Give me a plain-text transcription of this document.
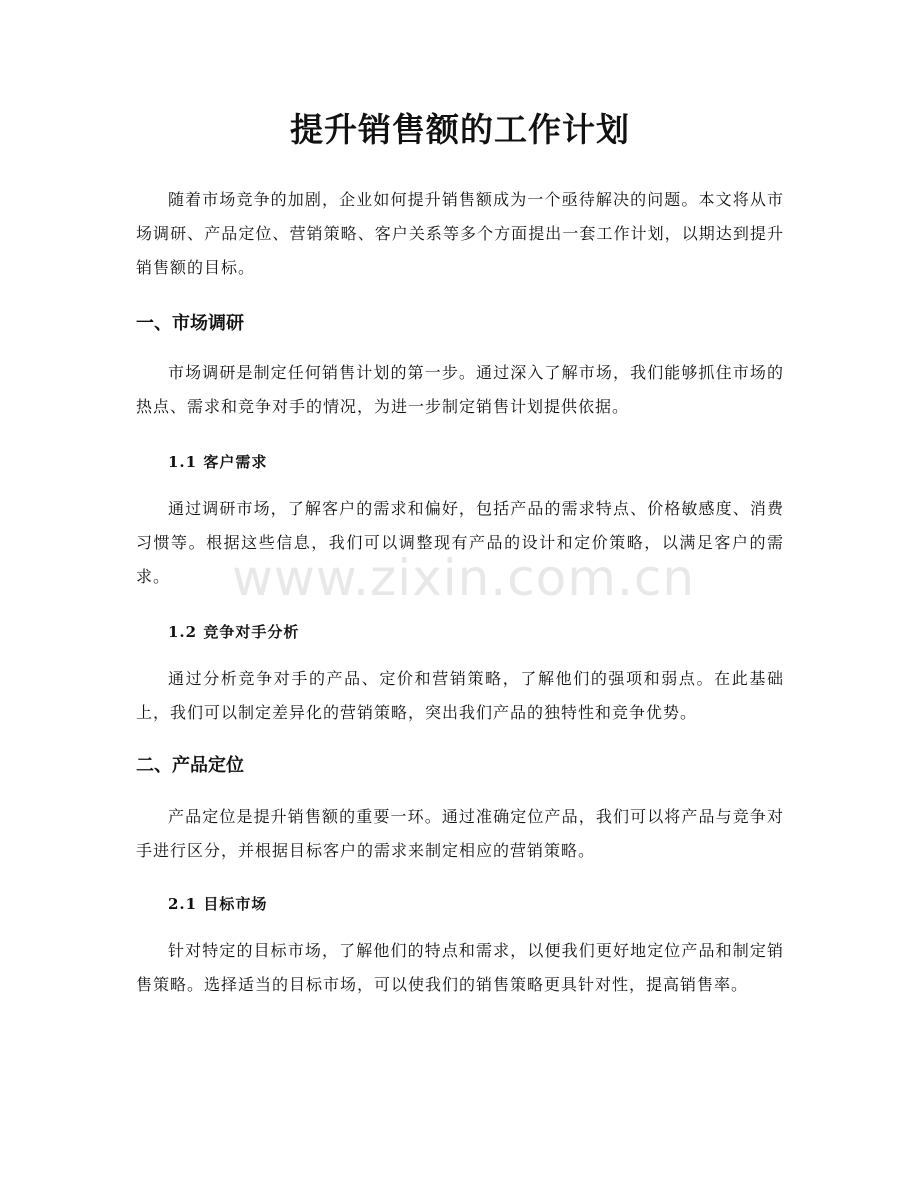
提升销售额的工作计划

随着市场竞争的加剧，企业如何提升销售额成为一个亟待解决的问题。本文将从市场调研、产品定位、营销策略、客户关系等多个方面提出一套工作计划，以期达到提升销售额的目标。

一、市场调研

市场调研是制定任何销售计划的第一步。通过深入了解市场，我们能够抓住市场的热点、需求和竞争对手的情况，为进一步制定销售计划提供依据。

1.1 客户需求

通过调研市场，了解客户的需求和偏好，包括产品的需求特点、价格敏感度、消费习惯等。根据这些信息，我们可以调整现有产品的设计和定价策略，以满足客户的需求。

1.2 竞争对手分析

通过分析竞争对手的产品、定价和营销策略，了解他们的强项和弱点。在此基础上，我们可以制定差异化的营销策略，突出我们产品的独特性和竞争优势。

二、产品定位

产品定位是提升销售额的重要一环。通过准确定位产品，我们可以将产品与竞争对手进行区分，并根据目标客户的需求来制定相应的营销策略。

2.1 目标市场

针对特定的目标市场，了解他们的特点和需求，以便我们更好地定位产品和制定销售策略。选择适当的目标市场，可以使我们的销售策略更具针对性，提高销售率。

www.zixin.com.cn
